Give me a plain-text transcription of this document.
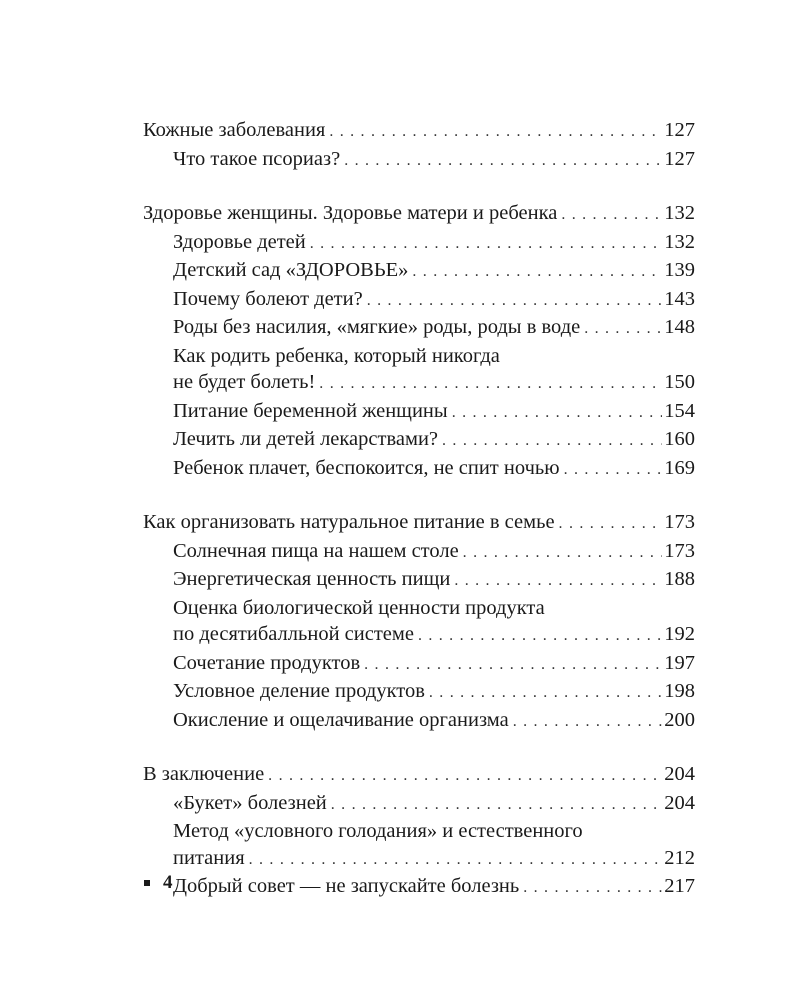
Кожные заболевания . . .	127
Что такое псориаз? . . .	127
Здоровье женщины. Здоровье матери и ребенка . . .	132
Здоровье детей . . .	132
Детский сад «ЗДОРОВЬЕ» . . .	139
Почему болеют дети? . . .	143
Роды без насилия, «мягкие» роды, роды в воде . . .	148
Как родить ребенка, который никогда
не будет болеть! . . .	150
Питание беременной женщины . . .	154
Лечить ли детей лекарствами? . . .	160
Ребенок плачет, беспокоится, не спит ночью . . .	169
Как организовать натуральное питание в семье . . .	173
Солнечная пища на нашем столе . . .	173
Энергетическая ценность пищи . . .	188
Оценка биологической ценности продукта
по десятибалльной системе . . .	192
Сочетание продуктов . . .	197
Условное деление продуктов . . .	198
Окисление и ощелачивание организма . . .	200
В заключение . . .	204
«Букет» болезней . . .	204
Метод «условного голодания» и естественного
питания . . .	212
Добрый совет — не запускайте болезнь . . .	217
4
